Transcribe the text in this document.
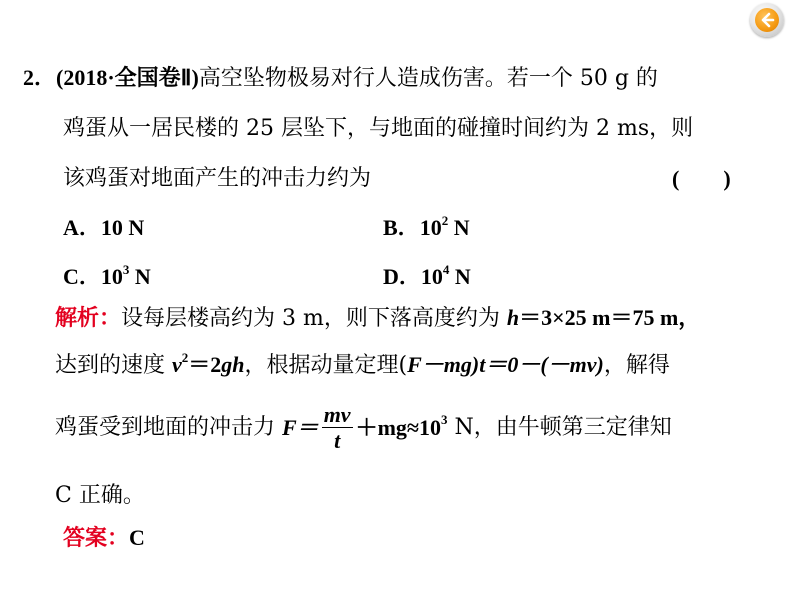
2．(2018·全国卷Ⅱ)高空坠物极易对行人造成伤害。若一个 50 g 的
鸡蛋从一居民楼的 25 层坠下，与地面的碰撞时间约为 2 ms，则
该鸡蛋对地面产生的冲击力约为	(　　)
A．10 N	B．$10^2$ N
C．$10^3$ N	D．$10^4$ N
解析：设每层楼高约为 3 m，则下落高度约为 h＝3×25 m＝75 m，
达到的速度 $v^2=2gh$，根据动量定理(F－mg)t＝0－(－mv)，解得
鸡蛋受到地面的冲击力 $F= \frac{mv}{t} +mg\approx 10^3$ N，由牛顿第三定律知
C 正确。
答案：C
